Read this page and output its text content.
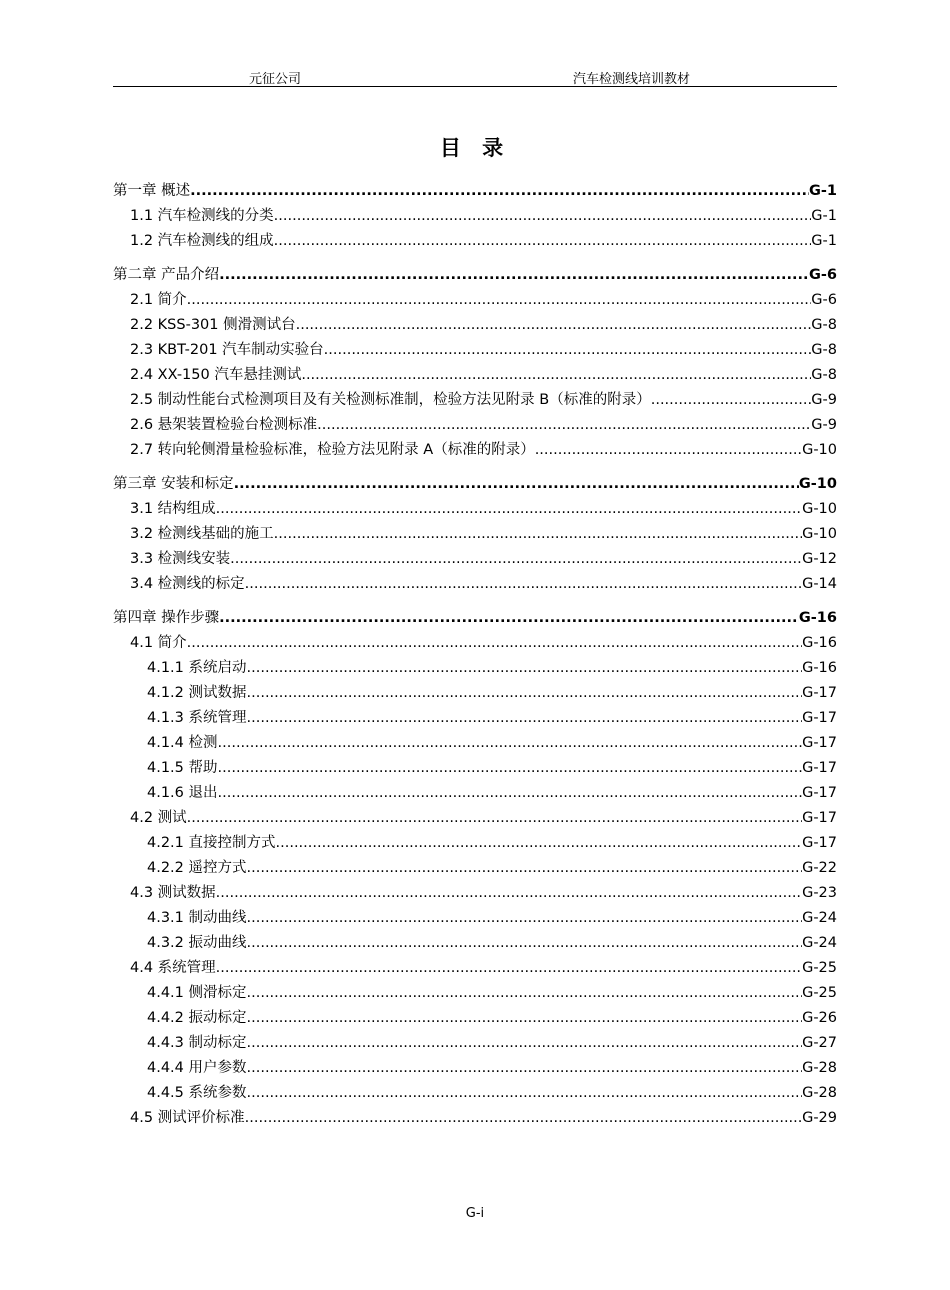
元征公司	汽车检测线培训教材
目 录
第一章 概述 .....	G-1
1.1 汽车检测线的分类 .....	G-1
1.2 汽车检测线的组成 .....	G-1
第二章 产品介绍 .....	G-6
2.1 简介 .....	G-6
2.2 KSS-301 侧滑测试台 .....	G-8
2.3 KBT-201 汽车制动实验台 .....	G-8
2.4 XX-150 汽车悬挂测试 .....	G-8
2.5 制动性能台式检测项目及有关检测标准制，检验方法见附录 B（标准的附录） .....	G-9
2.6 悬架装置检验台检测标准 .....	G-9
2.7 转向轮侧滑量检验标准，检验方法见附录 A（标准的附录） .....	G-10
第三章 安装和标定 .....	G-10
3.1 结构组成 .....	G-10
3.2 检测线基础的施工 .....	G-10
3.3 检测线安装 .....	G-12
3.4 检测线的标定 .....	G-14
第四章 操作步骤 .....	G-16
4.1 简介 .....	G-16
4.1.1 系统启动 .....	G-16
4.1.2 测试数据 .....	G-17
4.1.3 系统管理 .....	G-17
4.1.4 检测 .....	G-17
4.1.5 帮助 .....	G-17
4.1.6 退出 .....	G-17
4.2 测试 .....	G-17
4.2.1 直接控制方式 .....	G-17
4.2.2 遥控方式 .....	G-22
4.3 测试数据 .....	G-23
4.3.1 制动曲线 .....	G-24
4.3.2 振动曲线 .....	G-24
4.4 系统管理 .....	G-25
4.4.1 侧滑标定 .....	G-25
4.4.2 振动标定 .....	G-26
4.4.3 制动标定 .....	G-27
4.4.4 用户参数 .....	G-28
4.4.5 系统参数 .....	G-28
4.5 测试评价标准 .....	G-29
G-i
